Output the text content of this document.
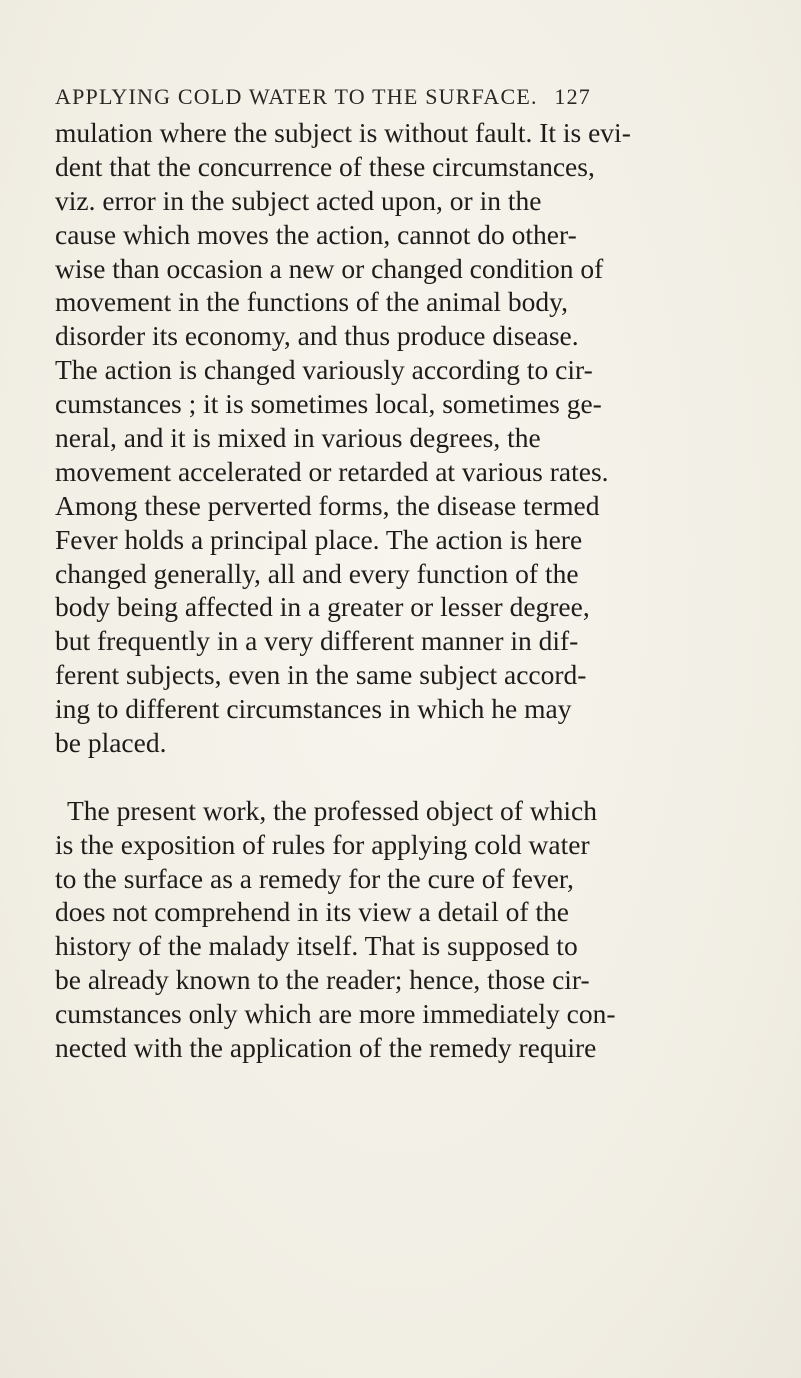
APPLYING COLD WATER TO THE SURFACE. 127
mulation where the subject is without fault. It is evi-
dent that the concurrence of these circumstances,
viz. error in the subject acted upon, or in the
cause which moves the action, cannot do other-
wise than occasion a new or changed condition of
movement in the functions of the animal body,
disorder its economy, and thus produce disease.
The action is changed variously according to cir-
cumstances ; it is sometimes local, sometimes ge-
neral, and it is mixed in various degrees, the
movement accelerated or retarded at various rates.
Among these perverted forms, the disease termed
Fever holds a principal place. The action is here
changed generally, all and every function of the
body being affected in a greater or lesser degree,
but frequently in a very different manner in dif-
ferent subjects, even in the same subject accord-
ing to different circumstances in which he may
be placed.
The present work, the professed object of which
is the exposition of rules for applying cold water
to the surface as a remedy for the cure of fever,
does not comprehend in its view a detail of the
history of the malady itself. That is supposed to
be already known to the reader; hence, those cir-
cumstances only which are more immediately con-
nected with the application of the remedy require
